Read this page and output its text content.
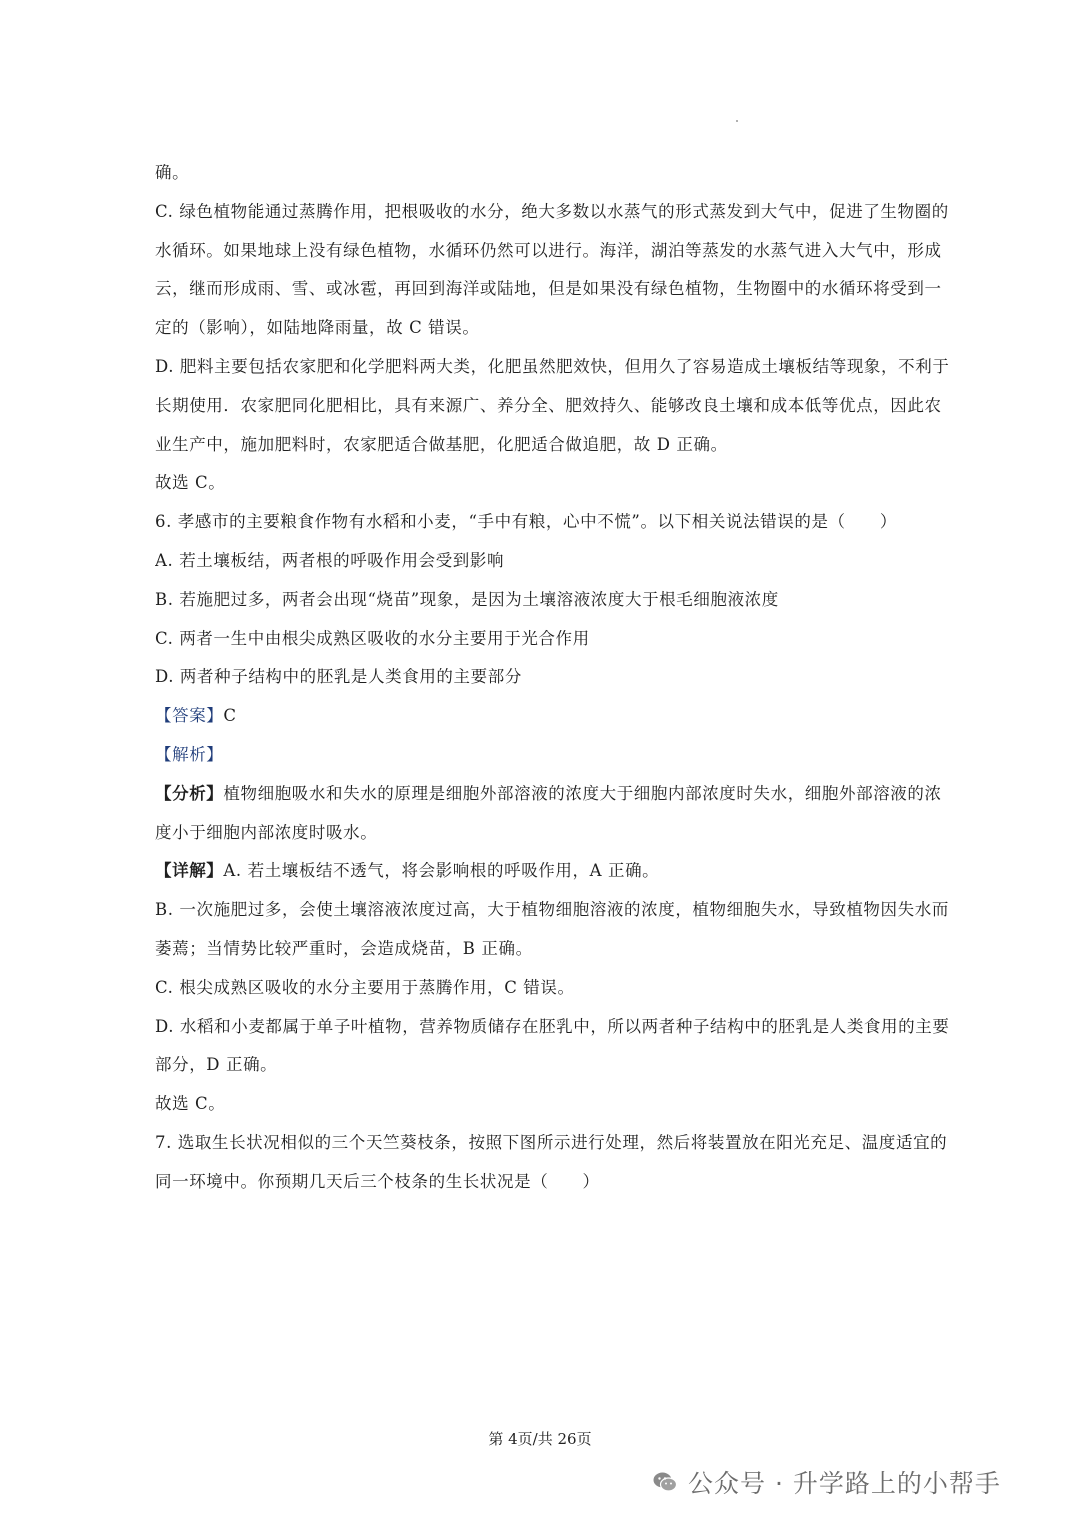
确。
C. 绿色植物能通过蒸腾作用，把根吸收的水分，绝大多数以水蒸气的形式蒸发到大气中，促进了生物圈的
水循环。如果地球上没有绿色植物，水循环仍然可以进行。海洋，湖泊等蒸发的水蒸气进入大气中，形成
云，继而形成雨、雪、或冰雹，再回到海洋或陆地，但是如果没有绿色植物，生物圈中的水循环将受到一
定的（影响），如陆地降雨量，故 C 错误。
D. 肥料主要包括农家肥和化学肥料两大类，化肥虽然肥效快，但用久了容易造成土壤板结等现象，不利于
长期使用．农家肥同化肥相比，具有来源广、养分全、肥效持久、能够改良土壤和成本低等优点，因此农
业生产中，施加肥料时，农家肥适合做基肥，化肥适合做追肥，故 D 正确。
故选 C。
6. 孝感市的主要粮食作物有水稻和小麦，“手中有粮，心中不慌”。以下相关说法错误的是（　　）
A. 若土壤板结，两者根的呼吸作用会受到影响
B. 若施肥过多，两者会出现“烧苗”现象，是因为土壤溶液浓度大于根毛细胞液浓度
C. 两者一生中由根尖成熟区吸收的水分主要用于光合作用
D. 两者种子结构中的胚乳是人类食用的主要部分
【答案】C
【解析】
【分析】植物细胞吸水和失水的原理是细胞外部溶液的浓度大于细胞内部浓度时失水，细胞外部溶液的浓
度小于细胞内部浓度时吸水。
【详解】A. 若土壤板结不透气，将会影响根的呼吸作用，A 正确。
B. 一次施肥过多，会使土壤溶液浓度过高，大于植物细胞溶液的浓度，植物细胞失水，导致植物因失水而
萎蔫；当情势比较严重时，会造成烧苗，B 正确。
C. 根尖成熟区吸收的水分主要用于蒸腾作用，C 错误。
D. 水稻和小麦都属于单子叶植物，营养物质储存在胚乳中，所以两者种子结构中的胚乳是人类食用的主要
部分，D 正确。
故选 C。
7. 选取生长状况相似的三个天竺葵枝条，按照下图所示进行处理，然后将装置放在阳光充足、温度适宜的
同一环境中。你预期几天后三个枝条的生长状况是（　　）
第 4页/共 26页
公众号 · 升学路上的小帮手
